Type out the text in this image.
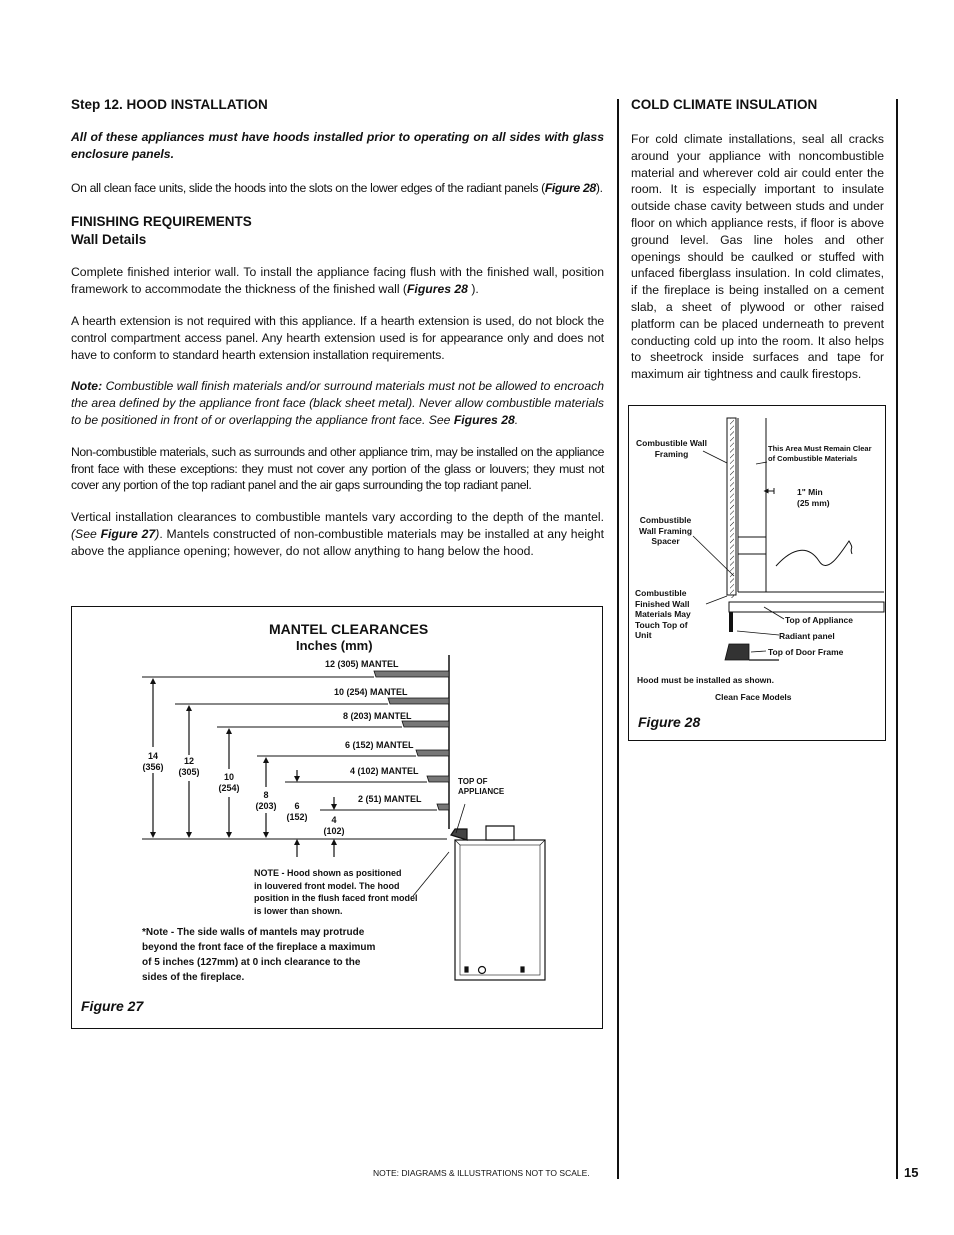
Step 12. HOOD INSTALLATION

All of these appliances must have hoods installed prior to operating on all sides with glass enclosure panels.

On all clean face units, slide the hoods into the slots on the lower edges of the radiant panels (Figure 28).

FINISHING REQUIREMENTS

Wall Details

Complete finished interior wall. To install the appliance facing flush with the finished wall, position framework to accommodate the thickness of the finished wall (Figures 28 ).

A hearth extension is not required with this appliance. If a hearth extension is used, do not block the control compartment access panel. Any hearth extension used is for appearance only and does not have to conform to standard hearth extension installation requirements.

Note: Combustible wall finish materials and/or surround materials must not be allowed to encroach the area defined by the appliance front face (black sheet metal). Never allow combustible materials to be positioned in front of or overlapping the appliance front face. See Figures 28.

Non-combustible materials, such as surrounds and other appliance trim, may be installed on the appliance front face with these exceptions: they must not cover any portion of the glass or louvers; they must not cover any portion of the top radiant panel and the air gaps surrounding the top radiant panel.

Vertical installation clearances to combustible mantels vary according to the depth of the mantel. (See Figure 27). Mantels constructed of non-combustible materials may be installed at any height above the appliance opening; however, do not allow anything to hang below the hood.

COLD CLIMATE INSULATION

For cold climate installations, seal all cracks around your appliance with noncombustible material and wherever cold air could enter the room. It is especially important to insulate outside chase cavity between studs and under floor on which appliance rests, if floor is above ground level. Gas line holes and other openings should be caulked or stuffed with unfaced fiberglass insulation. In cold climates, if the fireplace is being installed on a cement slab, a sheet of plywood or other raised platform can be placed underneath to prevent conducting cold up into the room. It also helps to sheetrock inside surfaces and tape for maximum air tightness and caulk firestops.

MANTEL CLEARANCES
Inches (mm)
12 (305) MANTEL
10 (254) MANTEL
8 (203) MANTEL
6 (152) MANTEL
4 (102) MANTEL
2 (51) MANTEL
14
(356)
12
(305)
10
(254)
8
(203)	6
(152)	4
(102)
TOP OF
APPLIANCE
NOTE - Hood shown as positioned
in louvered front model. The hood
position in the flush faced front model
is lower than shown.
*Note - The side walls of mantels may protrude
beyond the front face of the fireplace a maximum
of 5 inches (127mm) at 0 inch clearance to the
sides of the fireplace.
Figure 27
Combustible Wall
Framing	This Area Must Remain Clear
of Combustible Materials
1" Min
(25 mm)
Combustible
Wall Framing
Spacer
Combustible
Finished Wall
Materials May
Touch Top of
Unit
Top of Appliance
Radiant panel
Top of Door Frame
Hood must be installed as shown.
Clean Face Models
Figure 28
NOTE: DIAGRAMS & ILLUSTRATIONS NOT TO SCALE.	15
